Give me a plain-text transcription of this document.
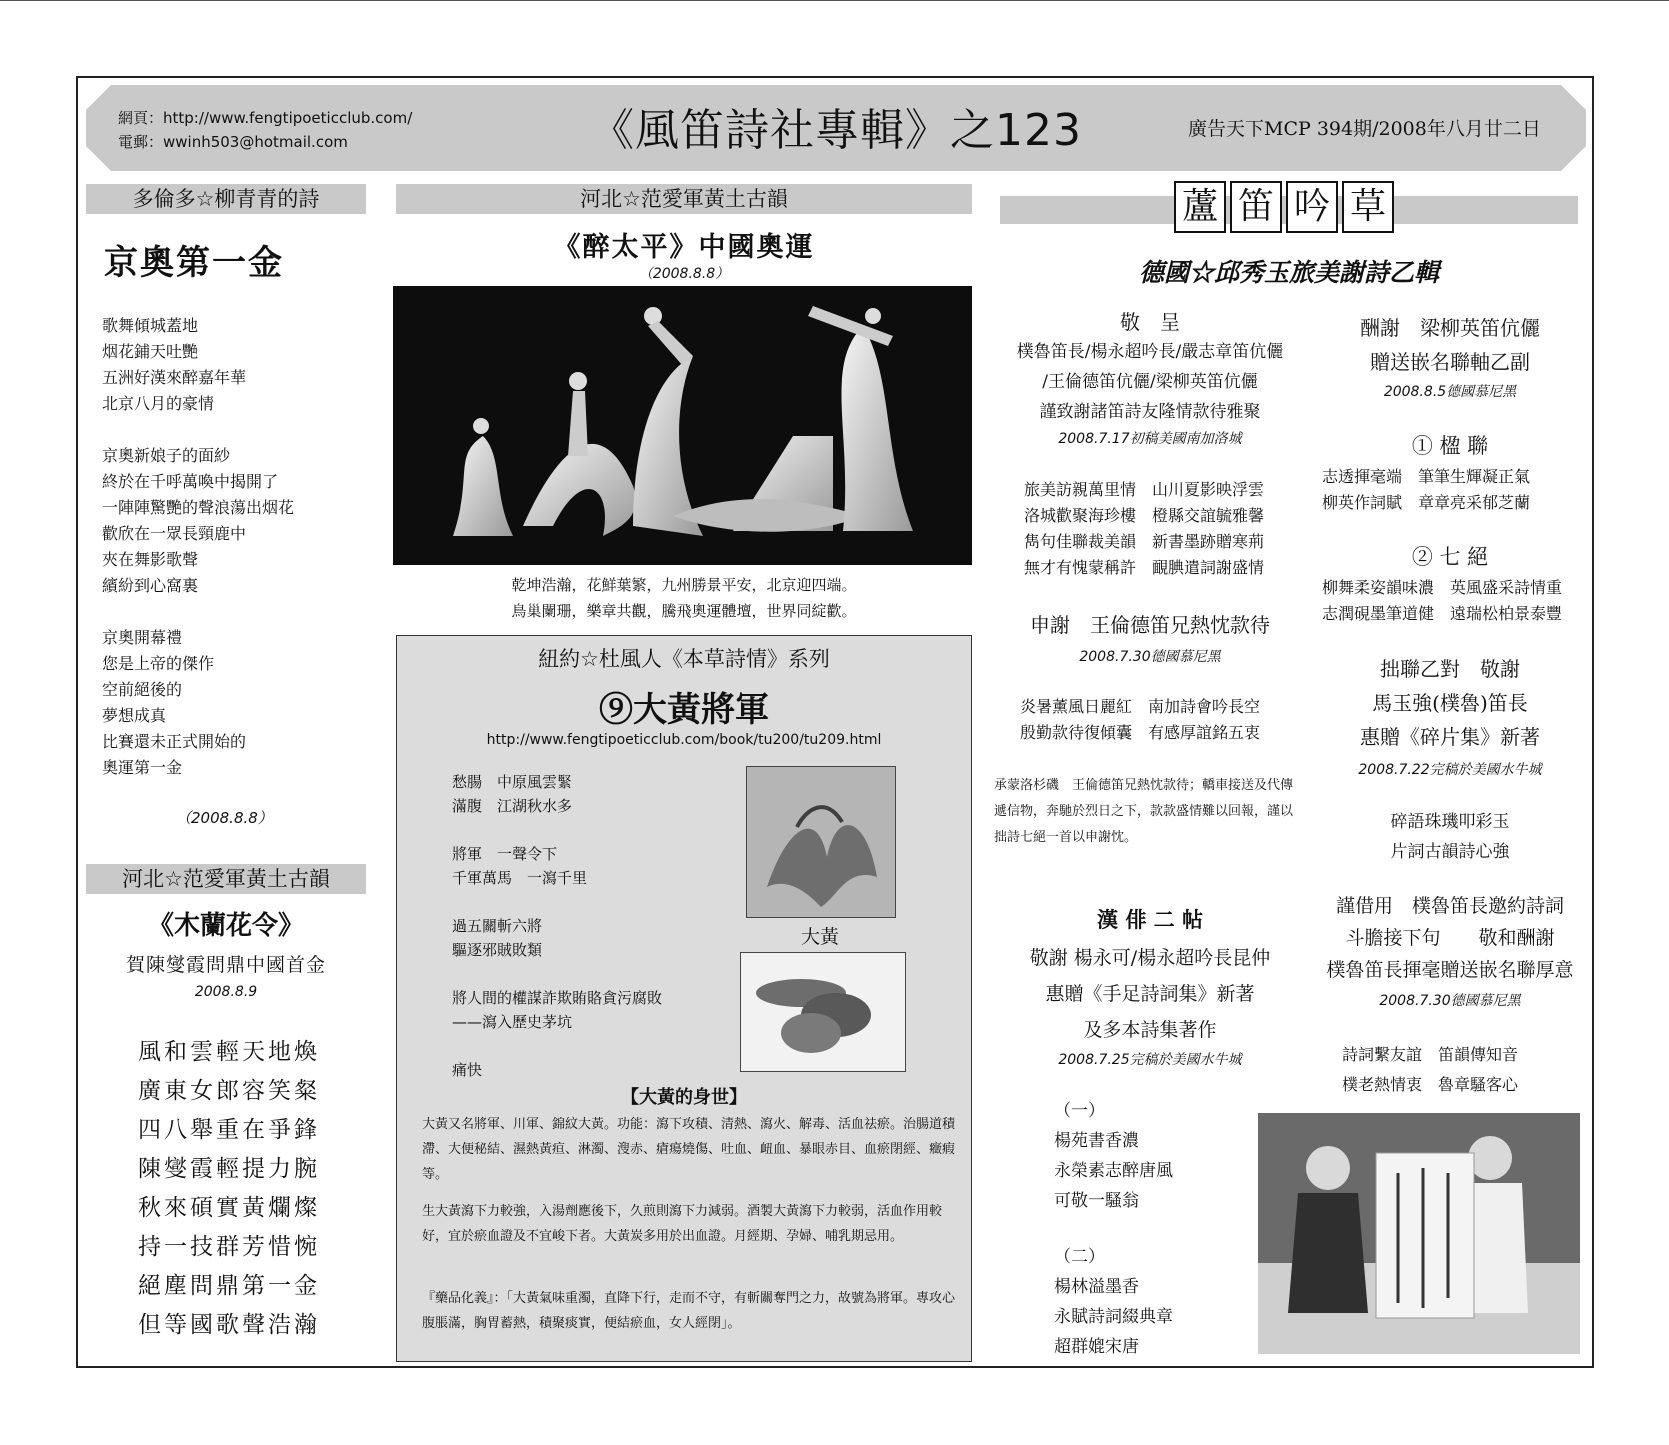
網頁：http://www.fengtipoeticclub.com/
電郵：wwinh503@hotmail.com	《風笛詩社專輯》之123	廣告天下MCP 394期/2008年八月廿二日
多倫多☆柳青青的詩
京奧第一金
歌舞傾城蓋地
烟花鋪天吐艷
五洲好漢來醉嘉年華
北京八月的豪情
京奧新娘子的面紗
終於在千呼萬喚中揭開了
一陣陣驚艷的聲浪蕩出烟花
歡欣在一眾長頸鹿中
夾在舞影歌聲
繽紛到心窩裏
京奧開幕禮
您是上帝的傑作
空前絕後的
夢想成真
比賽還未正式開始的
奧運第一金
（2008.8.8）
河北☆范愛軍黃土古韻
《木蘭花令》
賀陳燮霞問鼎中國首金
2008.8.9
風和雲輕天地煥
廣東女郎容笑粲
四八舉重在爭鋒
陳燮霞輕提力腕
秋來碩實黃爛燦
持一技群芳惜惋
絕塵問鼎第一金
但等國歌聲浩瀚
河北☆范愛軍黃土古韻
《醉太平》中國奧運
（2008.8.8）
乾坤浩瀚，花鮮葉繁，九州勝景平安，北京迎四端。
鳥巢闌珊，樂章共觀，騰飛奧運體壇，世界同綻歡。
紐約☆杜風人《本草詩情》系列
⑨大黃將軍
http://www.fengtipoeticclub.com/book/tu200/tu209.html
愁腸　中原風雲緊
滿腹　江湖秋水多
將軍　一聲令下
千軍萬馬　一瀉千里
過五關斬六將
驅逐邪賊敗類
將人間的權謀詐欺賄賂貪污腐敗
——瀉入歷史茅坑
痛快
大黃
【大黃的身世】
大黃又名將軍、川軍、錦紋大黃。功能：瀉下攻積、清熱、瀉火、解毒、活血祛瘀。治腸道積滯、大便秘結、濕熱黃疸、淋濁、溲赤、瘡瘍燒傷、吐血、衄血、暴眼赤目、血瘀閉經、癥瘕等。
生大黃瀉下力較強，入湯劑應後下，久煎則瀉下力減弱。酒製大黃瀉下力較弱，活血作用較好，宜於瘀血證及不宜峻下者。大黃炭多用於出血證。月經期、孕婦、哺乳期忌用。
『藥品化義』：「大黃氣味重濁，直降下行，走而不守，有斬關奪門之力，故號為將軍。專攻心腹脹滿，胸胃蓄熱，積聚痰實，便結瘀血，女人經閉」。
蘆 笛 吟 草
德國☆邱秀玉旅美謝詩乙輯
敬　呈
樸魯笛長/楊永超吟長/嚴志章笛伉儷
/王倫德笛伉儷/梁柳英笛伉儷
謹致謝諸笛詩友隆情款待雅聚
2008.7.17初稿美國南加洛城
旅美訪親萬里情　 山川夏影映浮雲
洛城歡聚海珍樓　 橙縣交誼毓雅馨
雋句佳聯裁美韻　 新書墨跡贈寒荊
無才有愧蒙稱許　 靦腆遣詞謝盛情
申謝　王倫德笛兄熱忱款待
2008.7.30德國慕尼黑
炎暑薰風日麗紅　 南加詩會吟長空
殷勤款待復傾囊　 有感厚誼銘五衷
承蒙洛杉磯　王倫德笛兄熱忱款待；轎車接送及代傳遞信物，奔馳於烈日之下，款款盛情難以回報，謹以拙詩七絕一首以申謝忱。
漢 俳 二 帖
敬謝 楊永可/楊永超吟長昆仲
惠贈《手足詩詞集》新著
及多本詩集著作
2008.7.25完稿於美國水牛城
（一）
楊苑書香濃
永榮素志醉唐風
可敬一騷翁
（二）
楊林溢墨香
永賦詩詞綴典章
超群媲宋唐
酬謝　梁柳英笛伉儷
贈送嵌名聯軸乙副
2008.8.5德國慕尼黑
① 楹 聯
志透揮毫端　 筆筆生輝凝正氣
柳英作詞賦　 章章亮采郁芝蘭
② 七 絕
柳舞柔姿韻味濃　 英風盛采詩情重
志潤硯墨筆道健　 遠瑞松柏景泰豐
拙聯乙對　敬謝
馬玉強(樸魯)笛長
惠贈《碎片集》新著
2008.7.22完稿於美國水牛城
碎語珠璣叩彩玉
片詞古韻詩心強
謹借用　樸魯笛長邀約詩詞
斗膽接下句　　敬和酬謝
樸魯笛長揮毫贈送嵌名聯厚意
2008.7.30德國慕尼黑
詩詞繫友誼　 笛韻傳知音
樸老熱情衷　 魯章騷客心
